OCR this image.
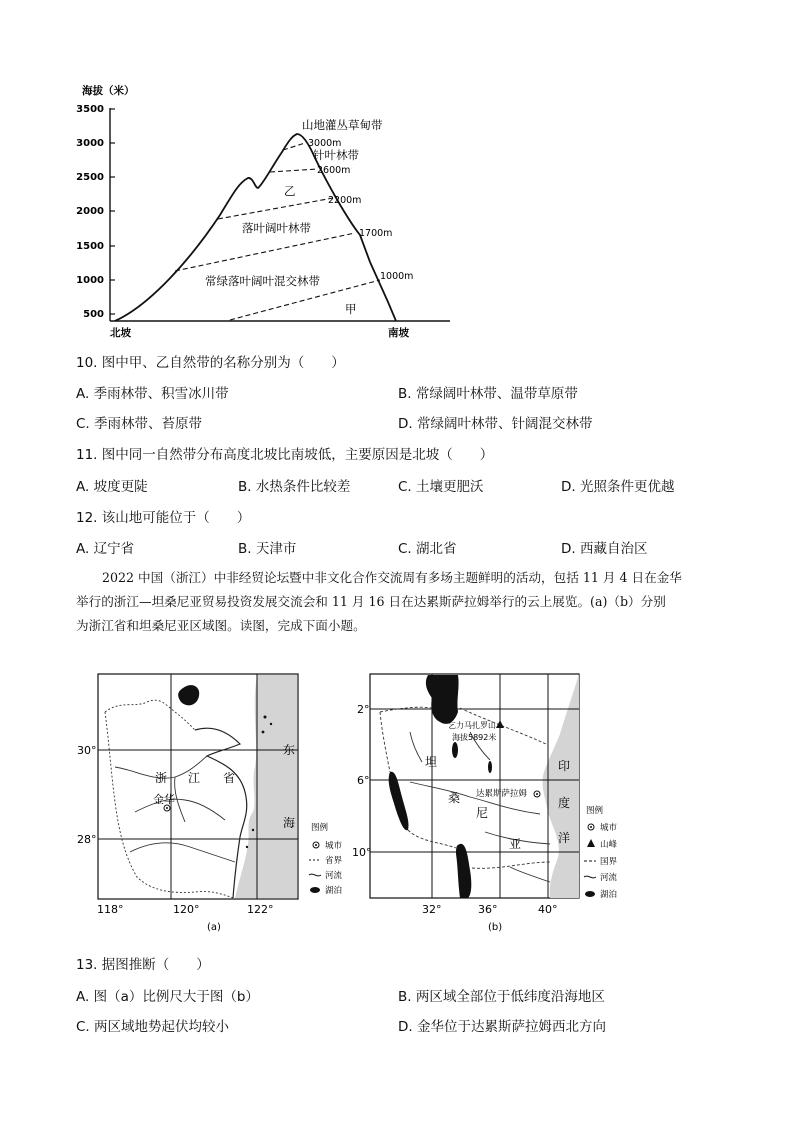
海拔（米）
3500
3000
2500
2000
1500
1000
500
3000m
2600m
2200m
1700m
1000m
山地灌丛草甸带
针叶林带
乙
落叶阔叶林带
常绿落叶阔叶混交林带
甲
北坡	南坡
10. 图中甲、乙自然带的名称分别为（　　）
A. 季雨林带、积雪冰川带	B. 常绿阔叶林带、温带草原带
C. 季雨林带、苔原带	D. 常绿阔叶林带、针阔混交林带
11. 图中同一自然带分布高度北坡比南坡低，主要原因是北坡（　　）
A. 坡度更陡	B. 水热条件比较差	C. 土壤更肥沃	D. 光照条件更优越
12. 该山地可能位于（　　）
A. 辽宁省	B. 天津市	C. 湖北省	D. 西藏自治区
2022 中国（浙江）中非经贸论坛暨中非文化合作交流周有多场主题鲜明的活动，包括 11 月 4 日在金华
举行的浙江—坦桑尼亚贸易投资发展交流会和 11 月 16 日在达累斯萨拉姆举行的云上展览。(a)（b）分别
为浙江省和坦桑尼亚区域图。读图，完成下面小题。
金华
浙 江 省
东
海
30°
28°
118°	120°	122°
(a)
图例
城市
省界
河流
湖泊
乞力马扎罗山
海拔5892米
坦
桑
尼
亚
达累斯萨拉姆
印
度
洋
2°
6°
10°
32°	36°	40°
(b)
图例
城市
山峰
国界
河流
湖泊
13. 据图推断（　　）
A. 图（a）比例尺大于图（b）	B. 两区域全部位于低纬度沿海地区
C. 两区域地势起伏均较小	D. 金华位于达累斯萨拉姆西北方向
